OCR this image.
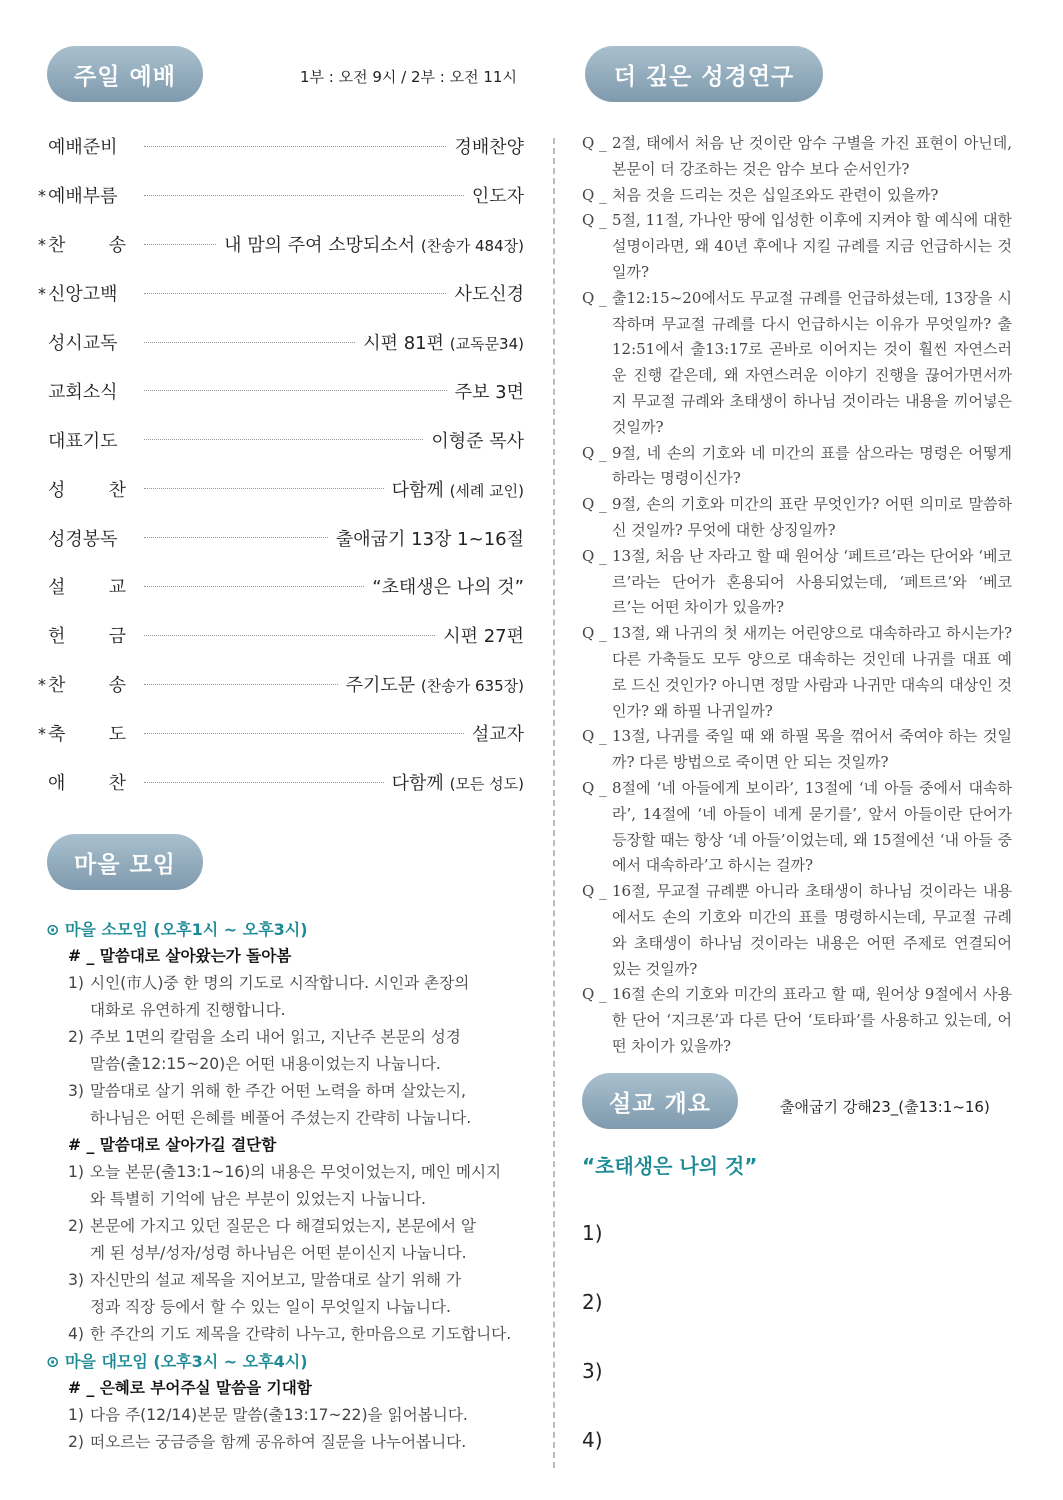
주일 예배	1부 : 오전 9시 / 2부 : 오전 11시
예배준비	경배찬양
* 예배부름	인도자
* 찬 송	내 맘의 주여 소망되소서 (찬송가 484장)
* 신앙고백	사도신경
성시교독	시편 81편 (교독문34)
교회소식	주보 3면
대표기도	이형준 목사
성 찬	다함께 (세례 교인)
성경봉독	출애굽기 13장 1~16절
설 교	“초태생은 나의 것”
헌 금	시편 27편
* 찬 송	주기도문 (찬송가 635장)
* 축 도	설교자
애 찬	다함께 (모든 성도)
마을 모임
⊙ 마을 소모임 (오후1시 ~ 오후3시)
# _ 말씀대로 살아왔는가 돌아봄
1) 시인(市人)중 한 명의 기도로 시작합니다. 시인과 촌장의
대화로 유연하게 진행합니다.
2) 주보 1면의 칼럼을 소리 내어 읽고, 지난주 본문의 성경
말씀(출12:15~20)은 어떤 내용이었는지 나눕니다.
3) 말씀대로 살기 위해 한 주간 어떤 노력을 하며 살았는지,
하나님은 어떤 은혜를 베풀어 주셨는지 간략히 나눕니다.
# _ 말씀대로 살아가길 결단함
1) 오늘 본문(출13:1~16)의 내용은 무엇이었는지, 메인 메시지
와 특별히 기억에 남은 부분이 있었는지 나눕니다.
2) 본문에 가지고 있던 질문은 다 해결되었는지, 본문에서 알
게 된 성부/성자/성령 하나님은 어떤 분이신지 나눕니다.
3) 자신만의 설교 제목을 지어보고, 말씀대로 살기 위해 가
정과 직장 등에서 할 수 있는 일이 무엇일지 나눕니다.
4) 한 주간의 기도 제목을 간략히 나누고, 한마음으로 기도합니다.
⊙ 마을 대모임 (오후3시 ~ 오후4시)
# _ 은혜로 부어주실 말씀을 기대함
1) 다음 주(12/14)본문 말씀(출13:17~22)을 읽어봅니다.
2) 떠오르는 궁금증을 함께 공유하여 질문을 나누어봅니다.
더 깊은 성경연구
Q _ 2절, 태에서 처음 난 것이란 암수 구별을 가진 표현이 아닌데, 본문이 더 강조하는 것은 암수 보다 순서인가?
Q _ 처음 것을 드리는 것은 십일조와도 관련이 있을까?
Q _ 5절, 11절, 가나안 땅에 입성한 이후에 지켜야 할 예식에 대한 설명이라면, 왜 40년 후에나 지킬 규례를 지금 언급하시는 것일까?
Q _ 출12:15~20에서도 무교절 규례를 언급하셨는데, 13장을 시작하며 무교절 규례를 다시 언급하시는 이유가 무엇일까? 출12:51에서 출13:17로 곧바로 이어지는 것이 훨씬 자연스러운 진행 같은데, 왜 자연스러운 이야기 진행을 끊어가면서까지 무교절 규례와 초태생이 하나님 것이라는 내용을 끼어넣은 것일까?
Q _ 9절, 네 손의 기호와 네 미간의 표를 삼으라는 명령은 어떻게 하라는 명령이신가?
Q _ 9절, 손의 기호와 미간의 표란 무엇인가? 어떤 의미로 말씀하신 것일까? 무엇에 대한 상징일까?
Q _ 13절, 처음 난 자라고 할 때 원어상 ‘페트르’라는 단어와 ‘베코르’라는 단어가 혼용되어 사용되었는데, ‘페트르’와 ‘베코르’는 어떤 차이가 있을까?
Q _ 13절, 왜 나귀의 첫 새끼는 어린양으로 대속하라고 하시는가? 다른 가축들도 모두 양으로 대속하는 것인데 나귀를 대표 예로 드신 것인가? 아니면 정말 사람과 나귀만 대속의 대상인 것인가? 왜 하필 나귀일까?
Q _ 13절, 나귀를 죽일 때 왜 하필 목을 꺾어서 죽여야 하는 것일까? 다른 방법으로 죽이면 안 되는 것일까?
Q _ 8절에 ‘네 아들에게 보이라’, 13절에 ‘네 아들 중에서 대속하라’, 14절에 ‘네 아들이 네게 묻기를’, 앞서 아들이란 단어가 등장할 때는 항상 ‘네 아들’이었는데, 왜 15절에선 ‘내 아들 중에서 대속하라’고 하시는 걸까?
Q _ 16절, 무교절 규례뿐 아니라 초태생이 하나님 것이라는 내용에서도 손의 기호와 미간의 표를 명령하시는데, 무교절 규례와 초태생이 하나님 것이라는 내용은 어떤 주제로 연결되어 있는 것일까?
Q _ 16절 손의 기호와 미간의 표라고 할 때, 원어상 9절에서 사용한 단어 ‘지크론’과 다른 단어 ‘토타파’를 사용하고 있는데, 어떤 차이가 있을까?
설교 개요	출애굽기 강해23_(출13:1~16)
“초태생은 나의 것”
1)
2)
3)
4)
